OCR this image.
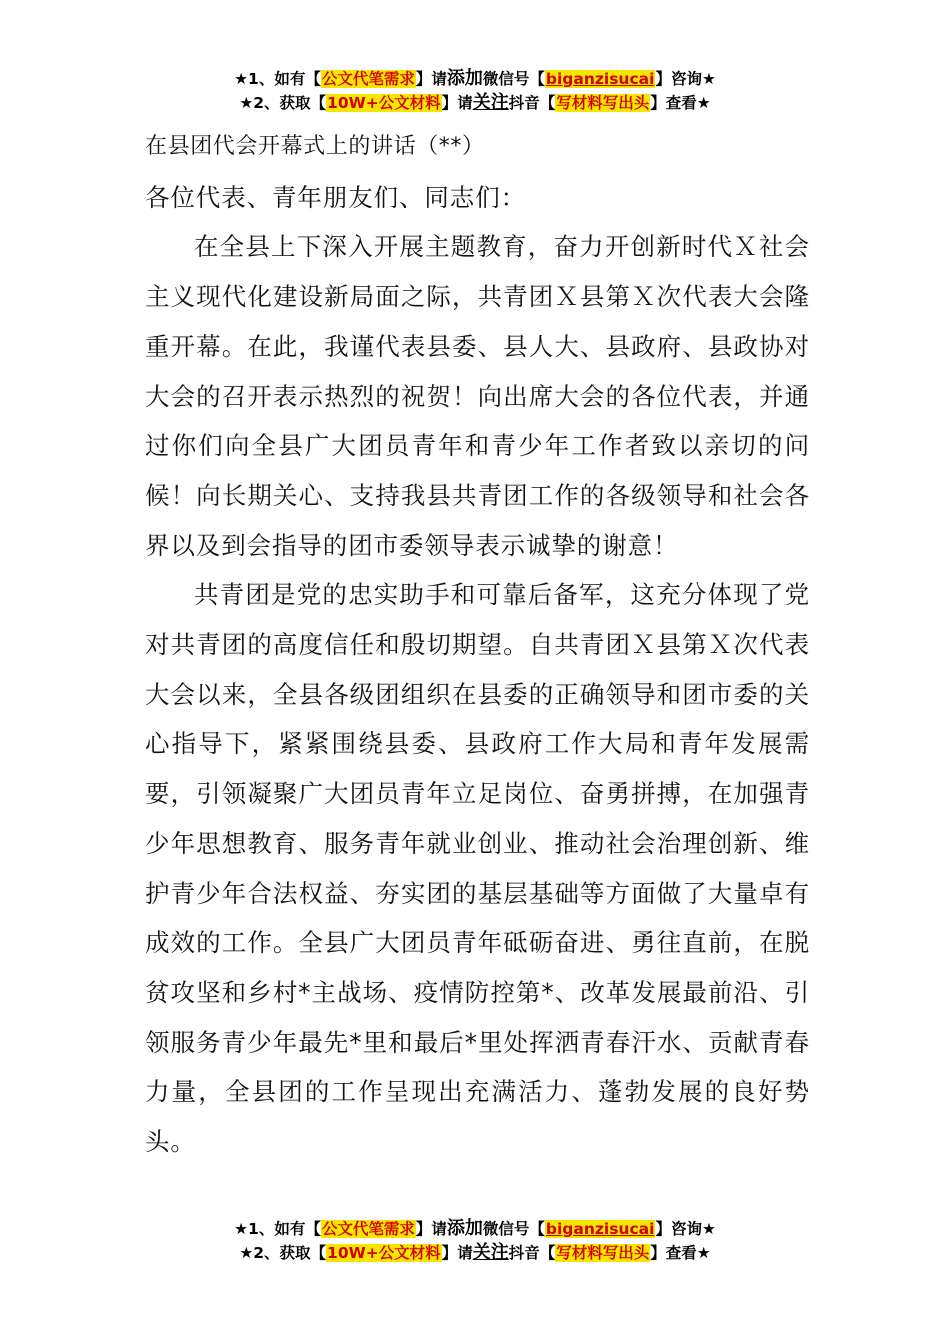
★1、如有【公文代笔需求】请添加微信号【biganzisucai】咨询★
★2、获取【10W+公文材料】请关注抖音【写材料写出头】查看★

在县团代会开幕式上的讲话（**）

各位代表、青年朋友们、同志们：

在全县上下深入开展主题教育，奋力开创新时代Ｘ社会主义现代化建设新局面之际，共青团Ｘ县第Ｘ次代表大会隆重开幕。在此，我谨代表县委、县人大、县政府、县政协对大会的召开表示热烈的祝贺！向出席大会的各位代表，并通过你们向全县广大团员青年和青少年工作者致以亲切的问候！向长期关心、支持我县共青团工作的各级领导和社会各界以及到会指导的团市委领导表示诚挚的谢意！

共青团是党的忠实助手和可靠后备军，这充分体现了党对共青团的高度信任和殷切期望。自共青团Ｘ县第Ｘ次代表大会以来，全县各级团组织在县委的正确领导和团市委的关心指导下，紧紧围绕县委、县政府工作大局和青年发展需要，引领凝聚广大团员青年立足岗位、奋勇拼搏，在加强青少年思想教育、服务青年就业创业、推动社会治理创新、维护青少年合法权益、夯实团的基层基础等方面做了大量卓有成效的工作。全县广大团员青年砥砺奋进、勇往直前，在脱贫攻坚和乡村*主战场、疫情防控第*、改革发展最前沿、引领服务青少年最先*里和最后*里处挥洒青春汗水、贡献青春力量，全县团的工作呈现出充满活力、蓬勃发展的良好势头。

★1、如有【公文代笔需求】请添加微信号【biganzisucai】咨询★
★2、获取【10W+公文材料】请关注抖音【写材料写出头】查看★
